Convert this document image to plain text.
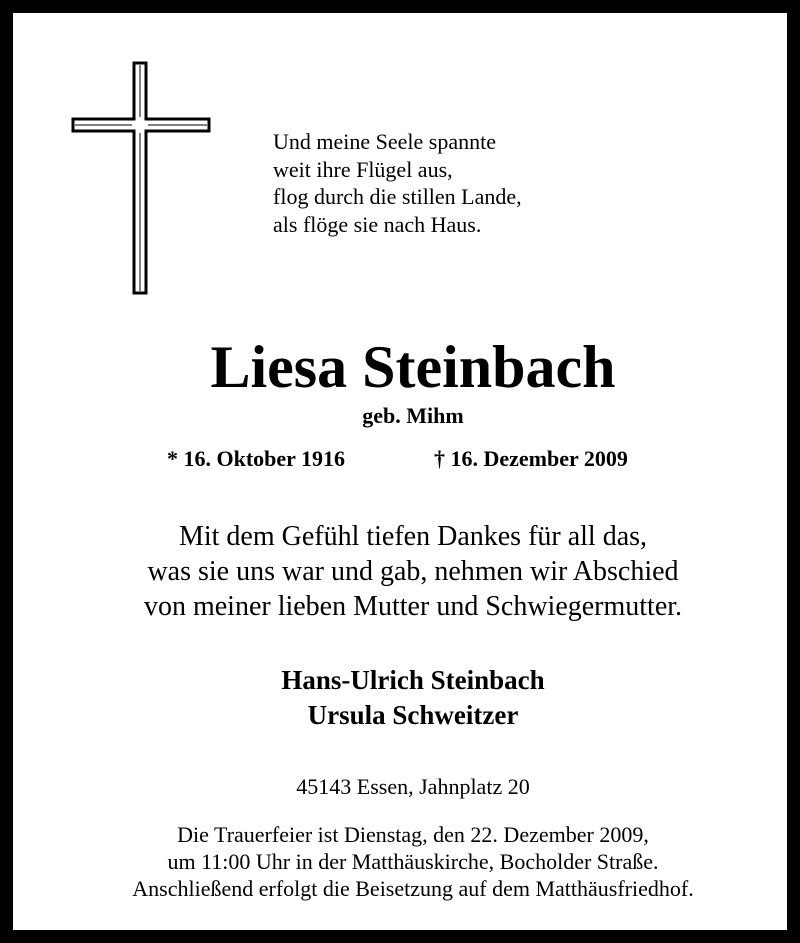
Und meine Seele spannte
weit ihre Flügel aus,
flog durch die stillen Lande,
als flöge sie nach Haus.
Liesa Steinbach
geb. Mihm
* 16. Oktober 1916	† 16. Dezember 2009
Mit dem Gefühl tiefen Dankes für all das,
was sie uns war und gab, nehmen wir Abschied
von meiner lieben Mutter und Schwiegermutter.
Hans-Ulrich Steinbach
Ursula Schweitzer
45143 Essen, Jahnplatz 20
Die Trauerfeier ist Dienstag, den 22. Dezember 2009,
um 11:00 Uhr in der Matthäuskirche, Bocholder Straße.
Anschließend erfolgt die Beisetzung auf dem Matthäusfriedhof.
